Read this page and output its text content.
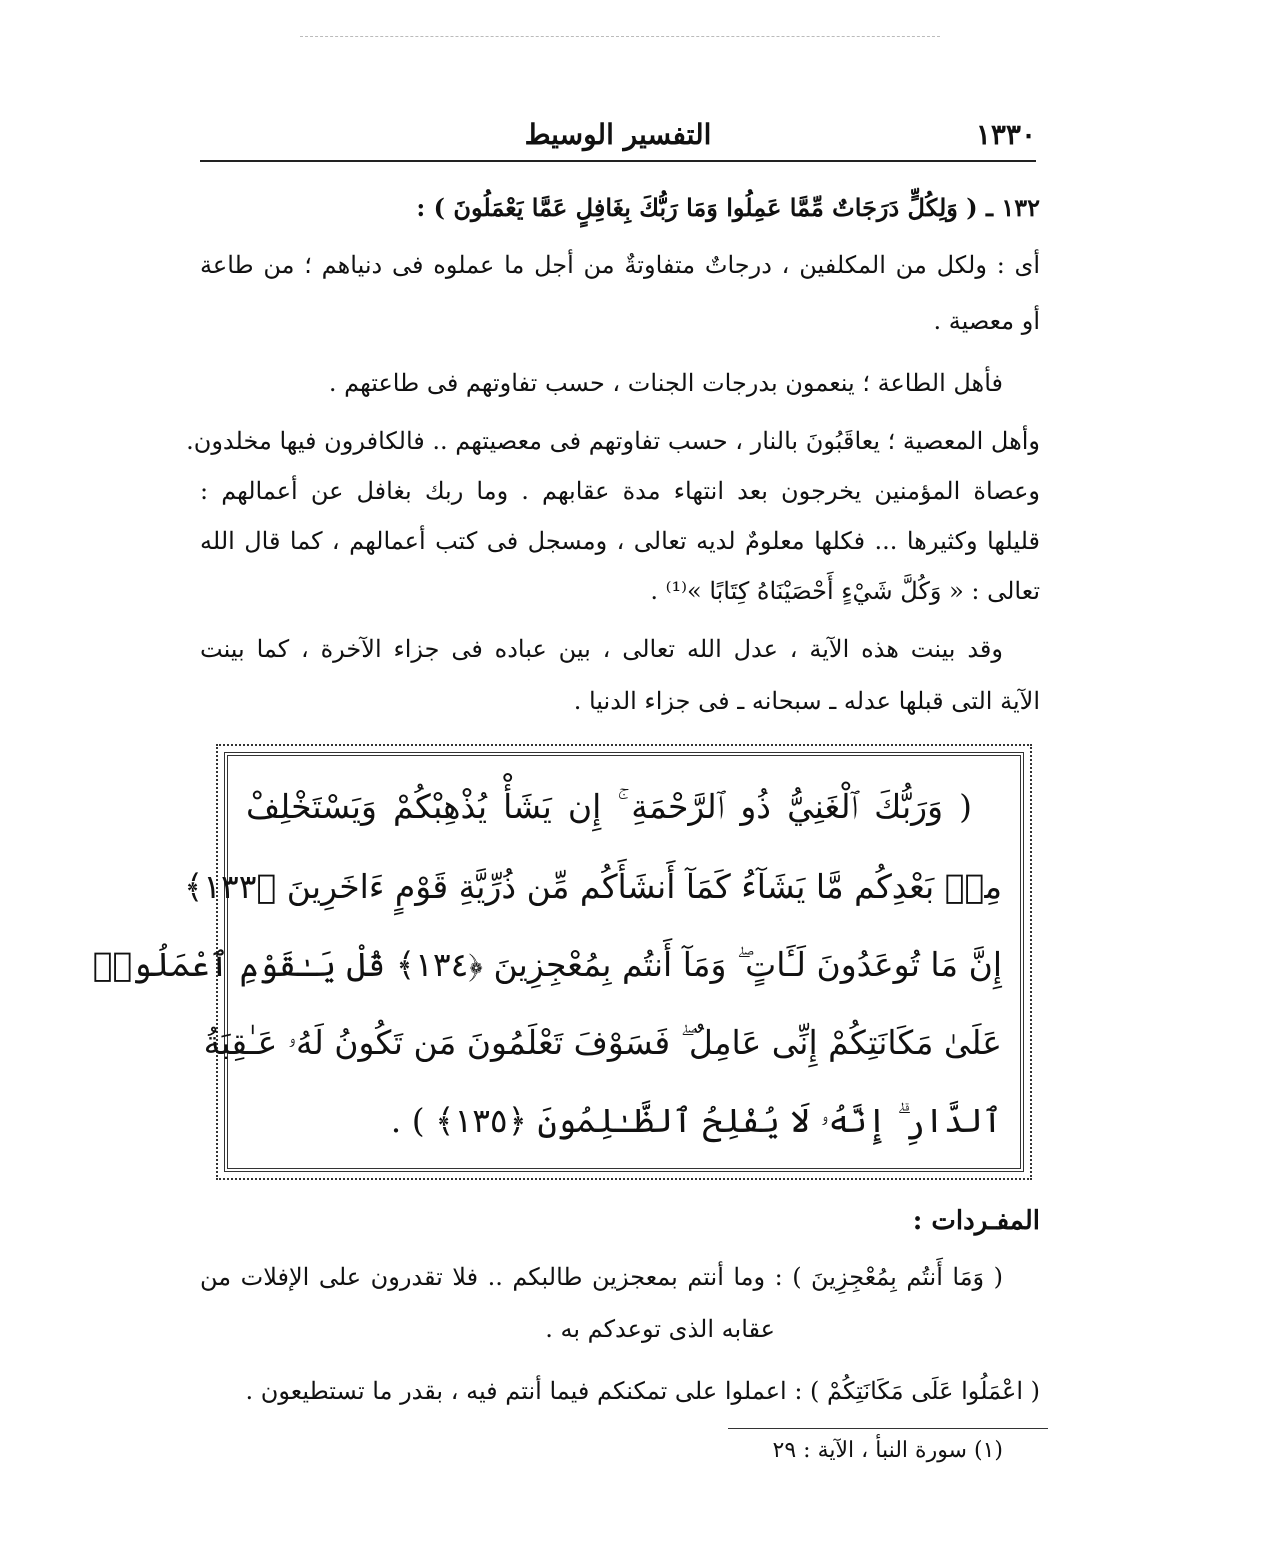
١٣٣٠
التفسير الوسيط
١٣٢ ـ ( وَلِكُلٍّ دَرَجَاتٌ مِّمَّا عَمِلُوا وَمَا رَبُّكَ بِغَافِلٍ عَمَّا يَعْمَلُونَ ) :
أى : ولكل من المكلفين ، درجاتٌ متفاوتةٌ من أجل ما عملوه فى دنياهم ؛ من طاعة
أو معصية .
فأهل الطاعة ؛ ينعمون بدرجات الجنات ، حسب تفاوتهم فى طاعتهم .
وأهل المعصية ؛ يعاقَبُونَ بالنار ، حسب تفاوتهم فى معصيتهم .. فالكافرون فيها مخلدون.
وعصاة المؤمنين يخرجون بعد انتهاء مدة عقابهم . وما ربك بغافل عن أعمالهم :
قليلها وكثيرها ... فكلها معلومٌ لديه تعالى ، ومسجل فى كتب أعمالهم ، كما قال الله
تعالى : « وَكُلَّ شَيْءٍ أَحْصَيْنَاهُ كِتَابًا »⁽¹⁾ .
وقد بينت هذه الآية ، عدل الله تعالى ، بين عباده فى جزاء الآخرة ، كما بينت
الآية التى قبلها عدله ـ سبحانه ـ فى جزاء الدنيا .
( وَرَبُّكَ ٱلْغَنِيُّ ذُو ٱلرَّحْمَةِ ۚ إِن يَشَأْ يُذْهِبْكُمْ وَيَسْتَخْلِفْ
مِنۢ بَعْدِكُم مَّا يَشَآءُ كَمَآ أَنشَأَكُم مِّن ذُرِّيَّةِ قَوْمٍ ءَاخَرِينَ ﴿١٣٣﴾
إِنَّ مَا تُوعَدُونَ لَـَٔاتٍ ۖ وَمَآ أَنتُم بِمُعْجِزِينَ ﴿١٣٤﴾ قُلْ يَـٰقَوْمِ ٱعْمَلُوا۟
عَلَىٰ مَكَانَتِكُمْ إِنِّى عَامِلٌ ۖ فَسَوْفَ تَعْلَمُونَ مَن تَكُونُ لَهُۥ عَـٰقِبَةُ
ٱلدَّارِ ۗ إِنَّهُۥ لَا يُفْلِحُ ٱلظَّـٰلِمُونَ ﴿١٣٥﴾ ) .
المفـردات :
( وَمَا أَنتُم بِمُعْجِزِينَ ) : وما أنتم بمعجزين طالبكم .. فلا تقدرون على الإفلات من
عقابه الذى توعدكم به .
( اعْمَلُوا عَلَى مَكَانَتِكُمْ ) : اعملوا على تمكنكم فيما أنتم فيه ، بقدر ما تستطيعون .
(١) سورة النبأ ، الآية : ٢٩
